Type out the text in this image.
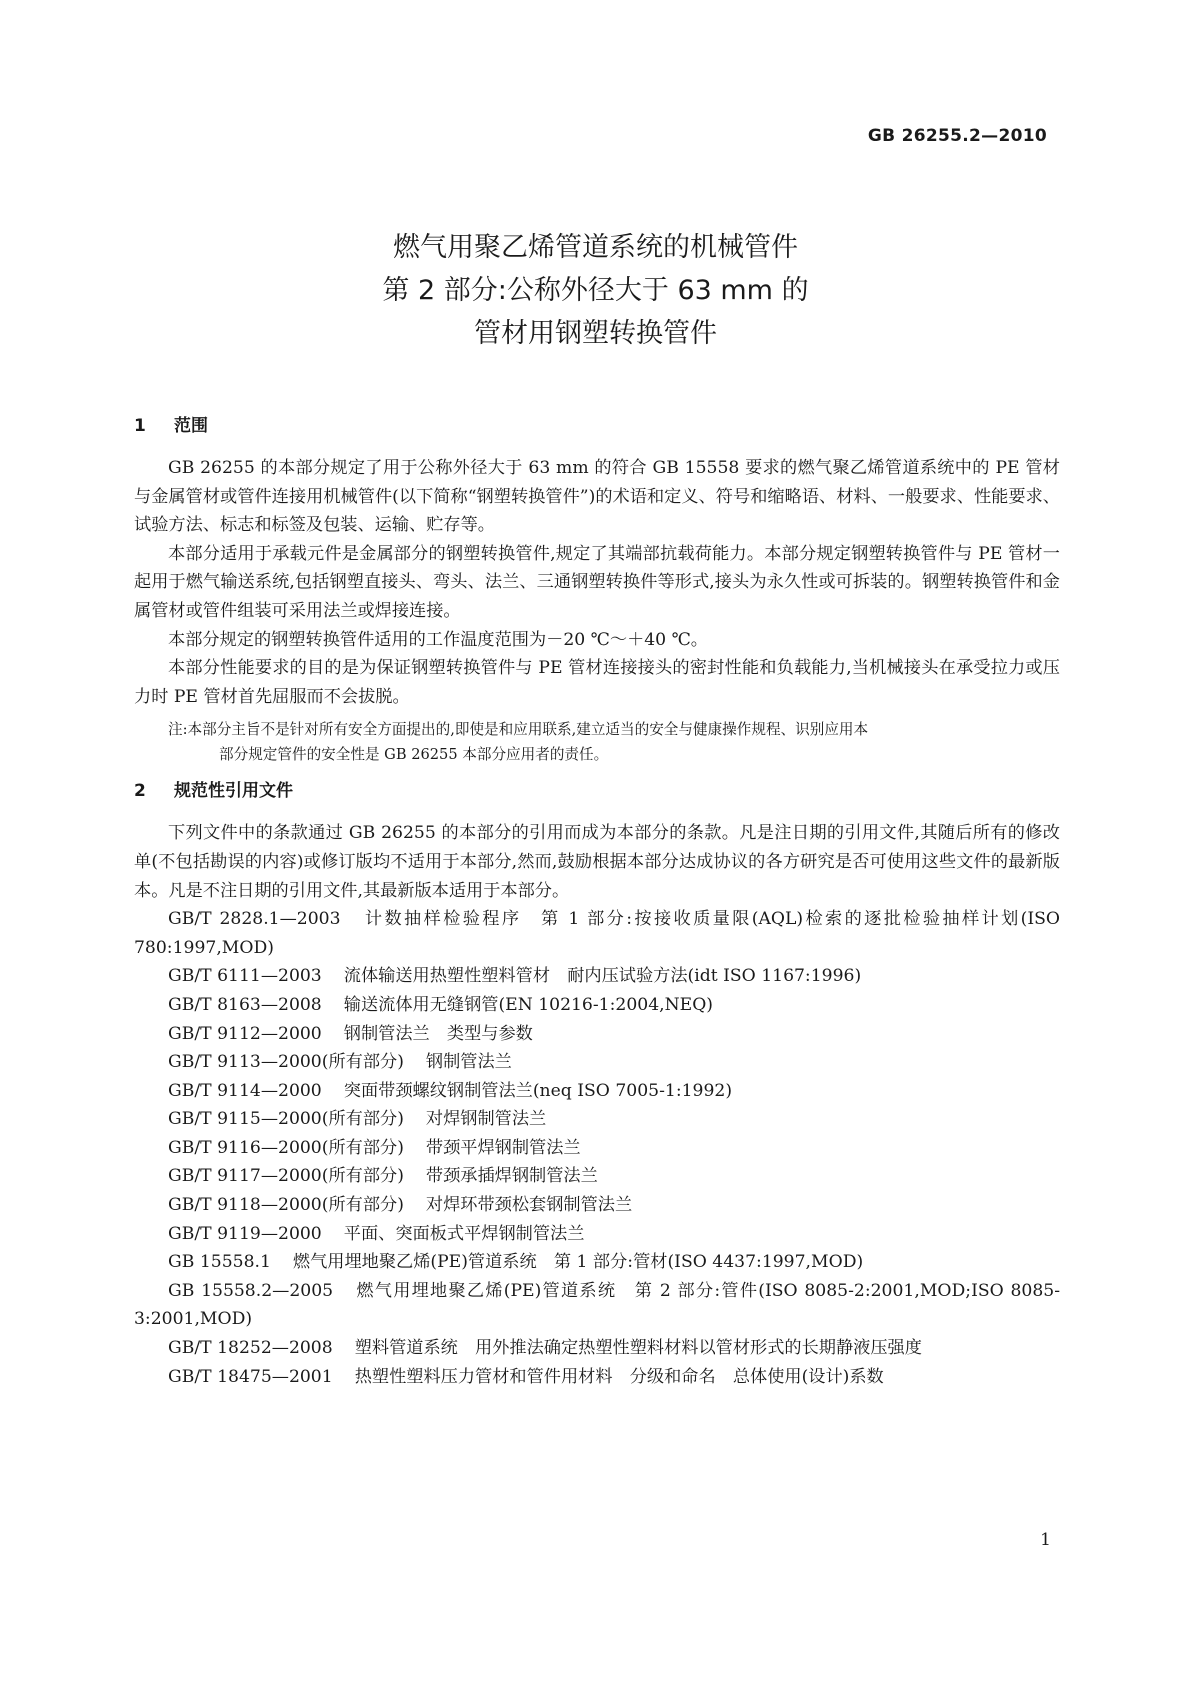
GB 26255.2—2010
燃气用聚乙烯管道系统的机械管件
第 2 部分:公称外径大于 63 mm 的
管材用钢塑转换管件
1 范围

GB 26255 的本部分规定了用于公称外径大于 63 mm 的符合 GB 15558 要求的燃气聚乙烯管道系统中的 PE 管材与金属管材或管件连接用机械管件(以下简称“钢塑转换管件”)的术语和定义、符号和缩略语、材料、一般要求、性能要求、试验方法、标志和标签及包装、运输、贮存等。

本部分适用于承载元件是金属部分的钢塑转换管件,规定了其端部抗载荷能力。本部分规定钢塑转换管件与 PE 管材一起用于燃气输送系统,包括钢塑直接头、弯头、法兰、三通钢塑转换件等形式,接头为永久性或可拆装的。钢塑转换管件和金属管材或管件组装可采用法兰或焊接连接。

本部分规定的钢塑转换管件适用的工作温度范围为－20 ℃～＋40 ℃。

本部分性能要求的目的是为保证钢塑转换管件与 PE 管材连接接头的密封性能和负载能力,当机械接头在承受拉力或压力时 PE 管材首先屈服而不会拔脱。

注:本部分主旨不是针对所有安全方面提出的,即使是和应用联系,建立适当的安全与健康操作规程、识别应用本
部分规定管件的安全性是 GB 26255 本部分应用者的责任。
2 规范性引用文件

下列文件中的条款通过 GB 26255 的本部分的引用而成为本部分的条款。凡是注日期的引用文件,其随后所有的修改单(不包括勘误的内容)或修订版均不适用于本部分,然而,鼓励根据本部分达成协议的各方研究是否可使用这些文件的最新版本。凡是不注日期的引用文件,其最新版本适用于本部分。

GB/T 2828.1—2003 计数抽样检验程序　第 1 部分:按接收质量限(AQL)检索的逐批检验抽样计划(ISO 780:1997,MOD)
GB/T 6111—2003 流体输送用热塑性塑料管材　耐内压试验方法(idt ISO 1167:1996)
GB/T 8163—2008 输送流体用无缝钢管(EN 10216-1:2004,NEQ)
GB/T 9112—2000 钢制管法兰　类型与参数
GB/T 9113—2000(所有部分) 钢制管法兰
GB/T 9114—2000 突面带颈螺纹钢制管法兰(neq ISO 7005-1:1992)
GB/T 9115—2000(所有部分) 对焊钢制管法兰
GB/T 9116—2000(所有部分) 带颈平焊钢制管法兰
GB/T 9117—2000(所有部分) 带颈承插焊钢制管法兰
GB/T 9118—2000(所有部分) 对焊环带颈松套钢制管法兰
GB/T 9119—2000 平面、突面板式平焊钢制管法兰
GB 15558.1 燃气用埋地聚乙烯(PE)管道系统　第 1 部分:管材(ISO 4437:1997,MOD)
GB 15558.2—2005 燃气用埋地聚乙烯(PE)管道系统　第 2 部分:管件(ISO 8085-2:2001,MOD;ISO 8085-3:2001,MOD)
GB/T 18252—2008 塑料管道系统　用外推法确定热塑性塑料材料以管材形式的长期静液压强度
GB/T 18475—2001 热塑性塑料压力管材和管件用材料　分级和命名　总体使用(设计)系数
1
